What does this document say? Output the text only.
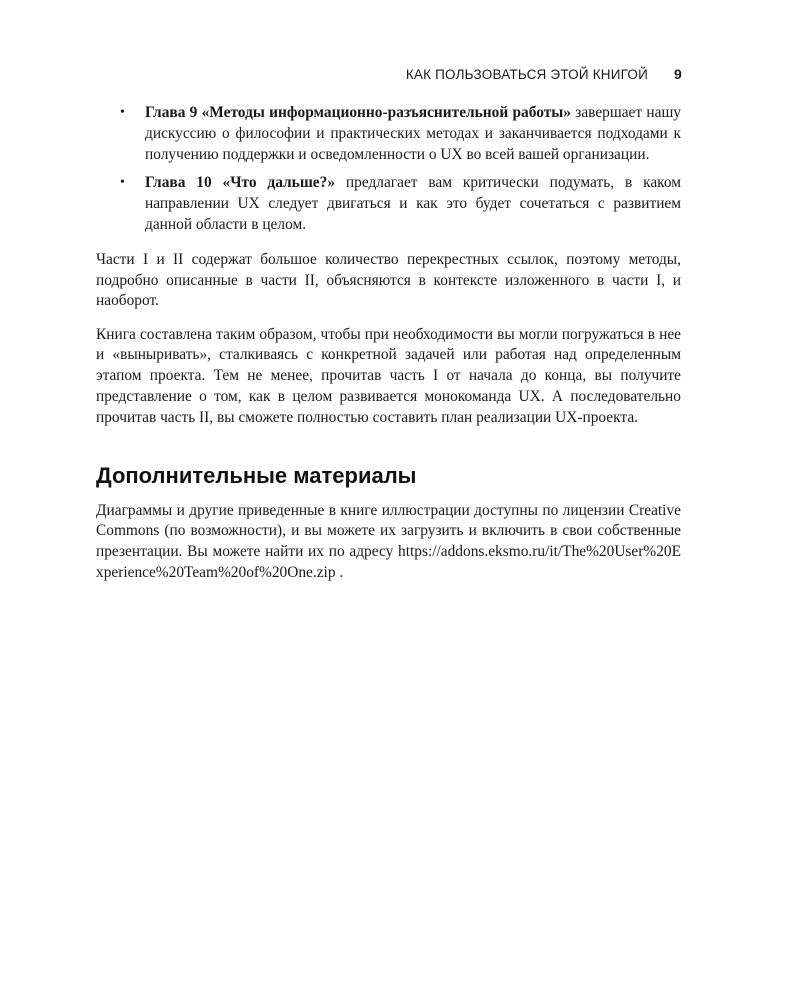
КАК ПОЛЬЗОВАТЬСЯ ЭТОЙ КНИГОЙ 9
• Глава 9 «Методы информационно-разъяснительной работы» завершает нашу дискуссию о философии и практических методах и заканчивается подходами к получению поддержки и осведомленности о UX во всей вашей организации.
• Глава 10 «Что дальше?» предлагает вам критически подумать, в каком направлении UX следует двигаться и как это будет сочетаться с развитием данной области в целом.

Части I и II содержат большое количество перекрестных ссылок, поэтому методы, подробно описанные в части II, объясняются в контексте изложенного в части I, и наоборот.

Книга составлена таким образом, чтобы при необходимости вы могли погружаться в нее и «выныривать», сталкиваясь с конкретной задачей или работая над определенным этапом проекта. Тем не менее, прочитав часть I от начала до конца, вы получите представление о том, как в целом развивается монокоманда UX. А последовательно прочитав часть II, вы сможете полностью составить план реализации UX-проекта.

Дополнительные материалы

Диаграммы и другие приведенные в книге иллюстрации доступны по лицензии Creative Commons (по возможности), и вы можете их загрузить и включить в свои собственные презентации. Вы можете найти их по адресу https://addons.eksmo.ru/it/The%20User%20Experience%20Team%20of%20One.zip .
